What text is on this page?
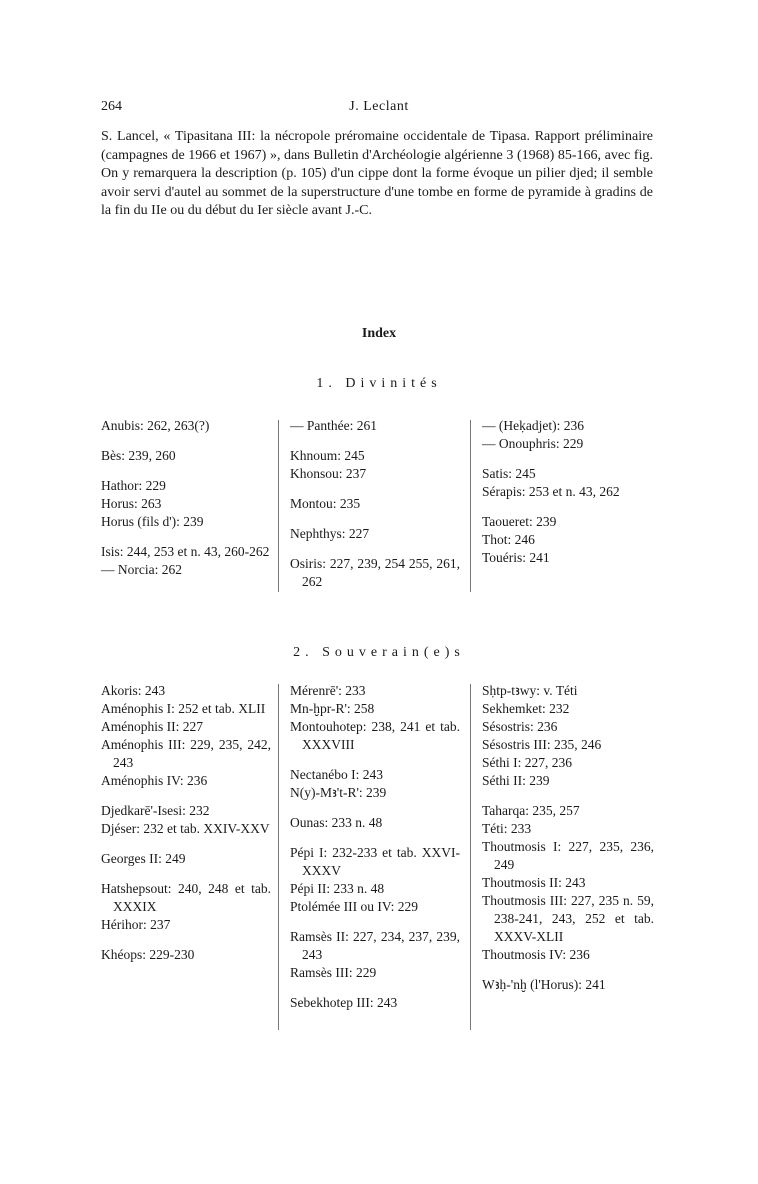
264	J. Leclant

S. Lancel, « Tipasitana III: la nécropole préromaine occidentale de Tipasa. Rapport préliminaire (campagnes de 1966 et 1967) », dans Bulletin d'Archéologie algérienne 3 (1968) 85-166, avec fig. On y remarquera la description (p. 105) d'un cippe dont la forme évoque un pilier djed; il semble avoir servi d'autel au sommet de la superstructure d'une tombe en forme de pyramide à gradins de la fin du IIe ou du début du Ier siècle avant J.-C.

Index
1. Divinités
Anubis: 262, 263(?)
Bès: 239, 260
Hathor: 229
Horus: 263
Horus (fils d'): 239
Isis: 244, 253 et n. 43, 260-262
— Norcia: 262
— Panthée: 261
Khnoum: 245
Khonsou: 237
Montou: 235
Nephthys: 227
Osiris: 227, 239, 254 255, 261, 262
— (Heḳadjet): 236
— Onouphris: 229
Satis: 245
Sérapis: 253 et n. 43, 262
Taoueret: 239
Thot: 246
Touéris: 241
2. Souverain(e)s
Akoris: 243
Aménophis I: 252 et tab. XLII
Aménophis II: 227
Aménophis III: 229, 235, 242, 243
Aménophis IV: 236
Djedkarē'-Isesi: 232
Djéser: 232 et tab. XXIV-XXV
Georges II: 249
Hatshepsout: 240, 248 et tab. XXXIX
Hérihor: 237
Khéops: 229-230
Mérenrē': 233
Mn-ḫpr-R': 258
Montouhotep: 238, 241 et tab. XXXVIII
Nectanébo I: 243
N(y)-Mꜣ't-R': 239
Ounas: 233 n. 48
Pépi I: 232-233 et tab. XXVI-XXXV
Pépi II: 233 n. 48
Ptolémée III ou IV: 229
Ramsès II: 227, 234, 237, 239, 243
Ramsès III: 229
Sebekhotep III: 243
Sḥtp-tꜣwy: v. Téti
Sekhemket: 232
Sésostris: 236
Sésostris III: 235, 246
Séthi I: 227, 236
Séthi II: 239
Taharqa: 235, 257
Téti: 233
Thoutmosis I: 227, 235, 236, 249
Thoutmosis II: 243
Thoutmosis III: 227, 235 n. 59, 238-241, 243, 252 et tab. XXXV-XLII
Thoutmosis IV: 236
Wꜣḥ-'nḫ (l'Horus): 241
